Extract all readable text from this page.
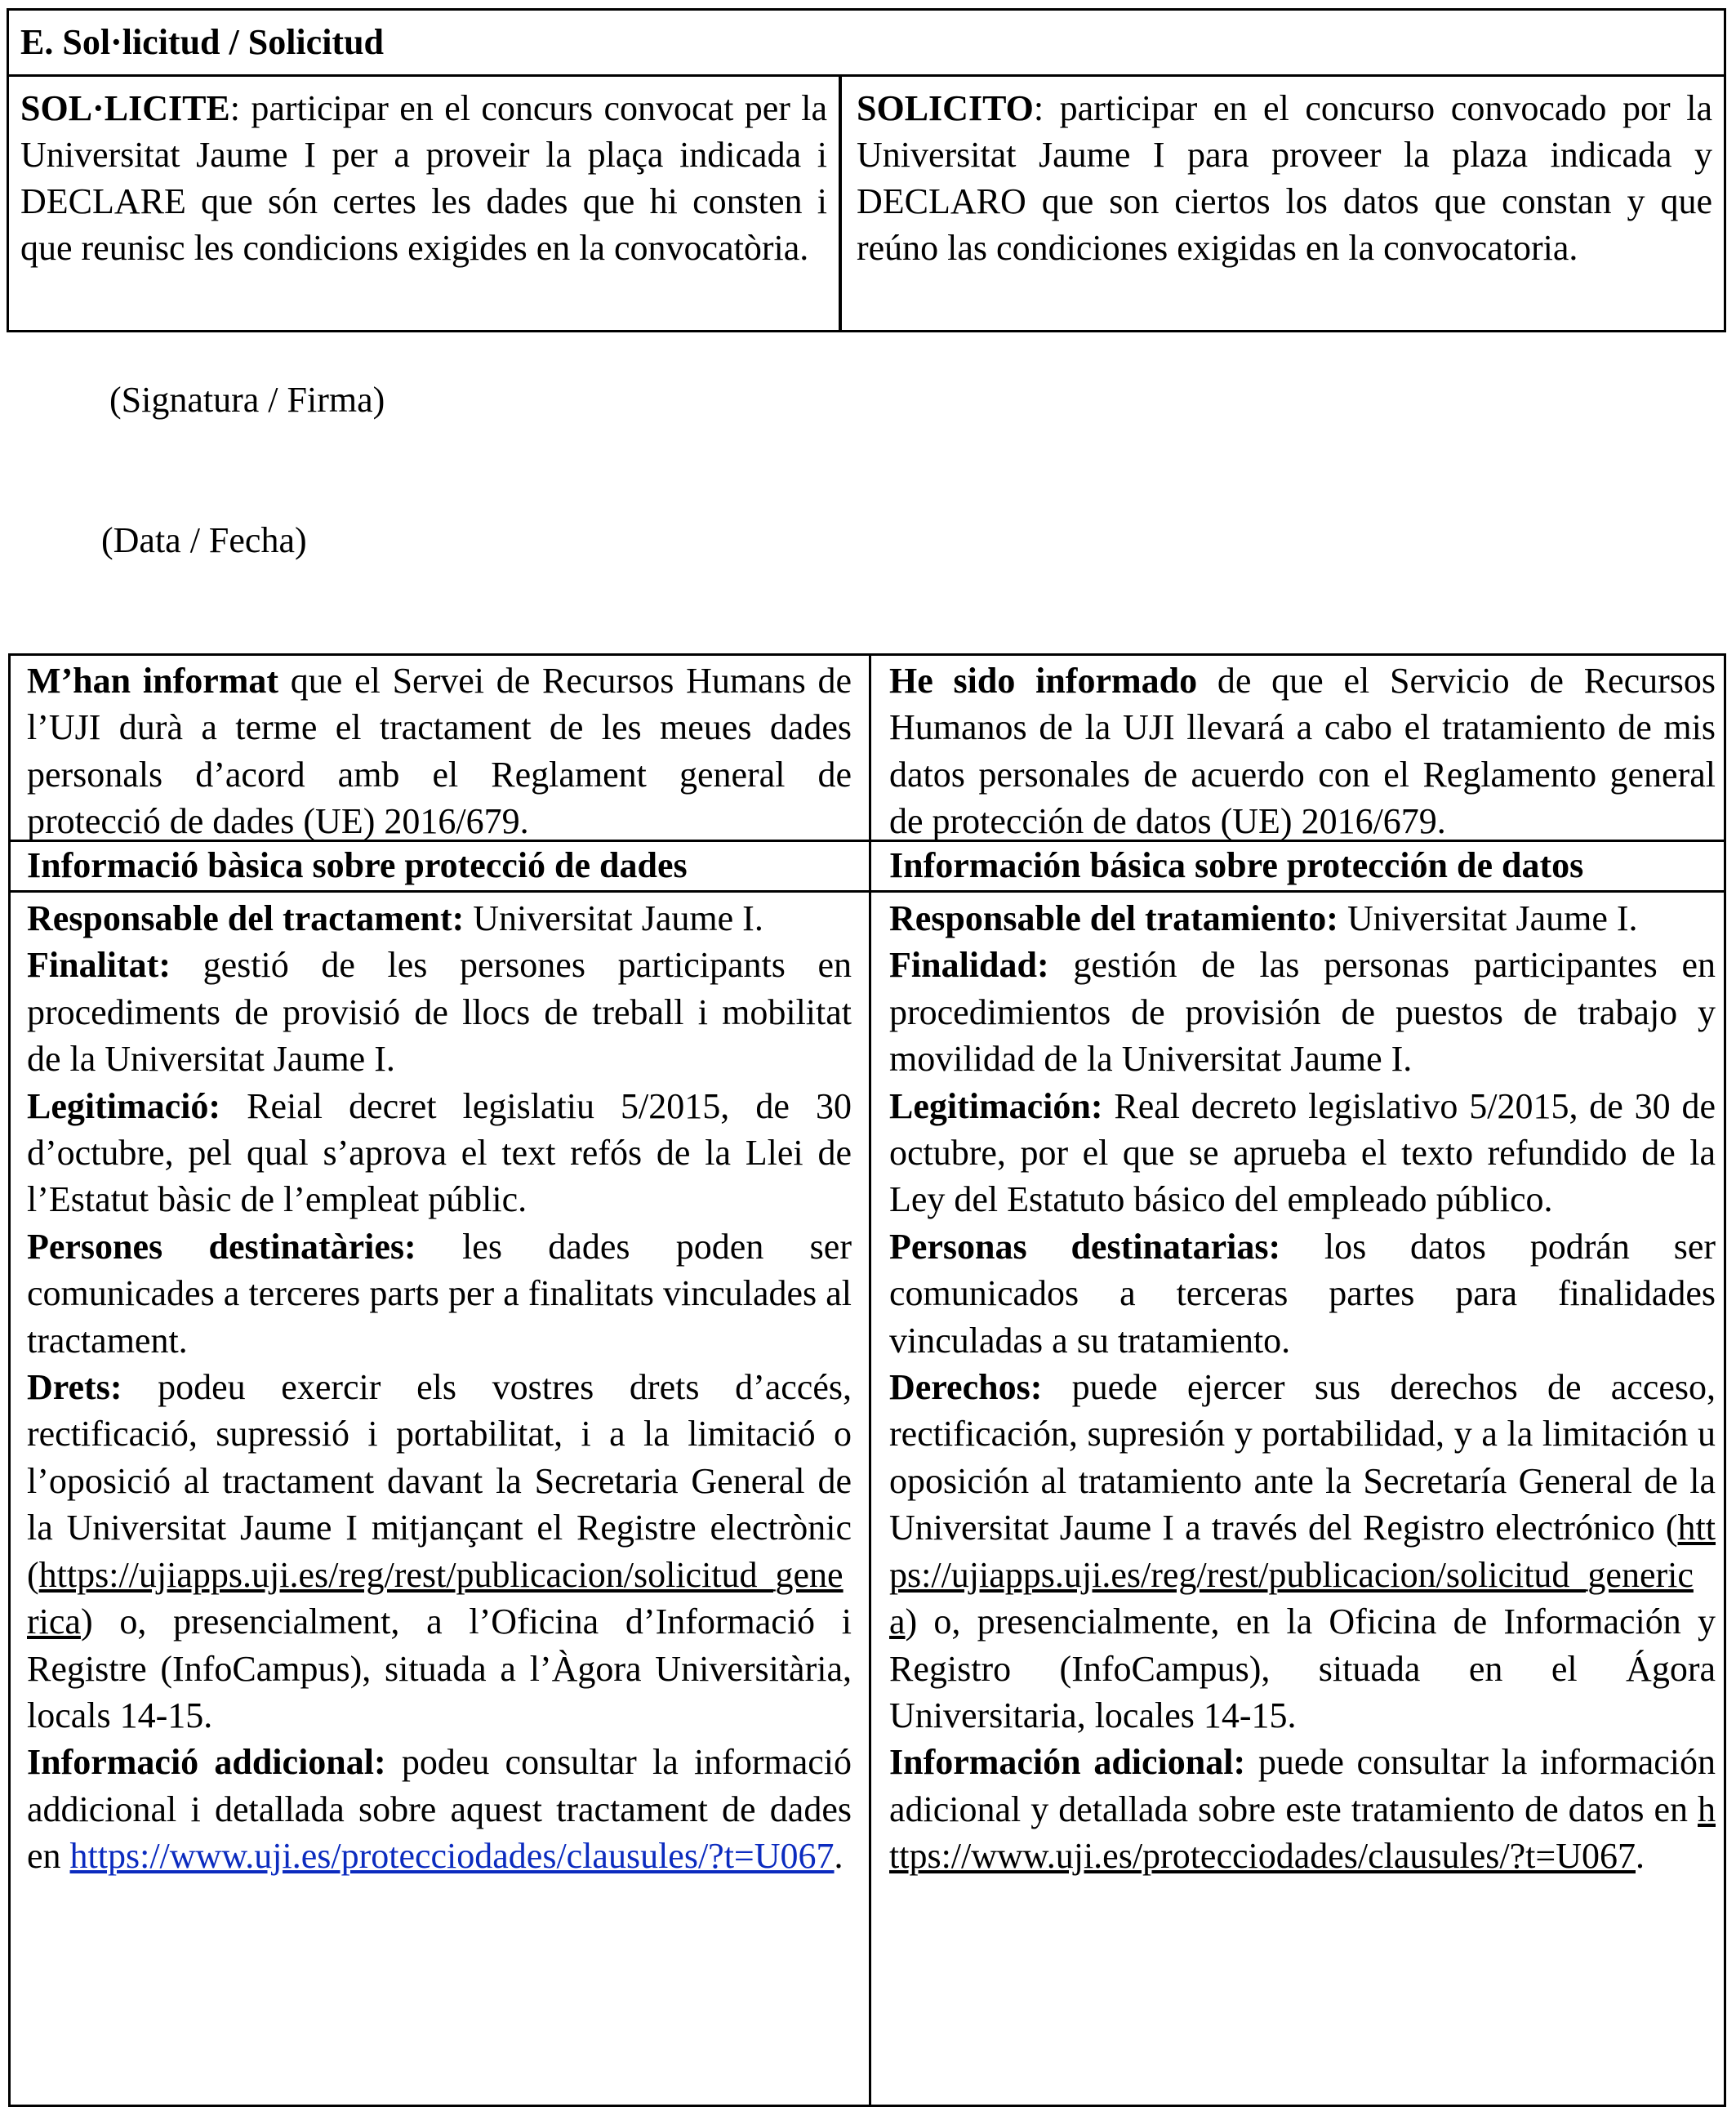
E. Sol·licitud / Solicitud
SOL·LICITE: participar en el concurs convocat per la Universitat Jaume I per a proveir la plaça indicada i DECLARE que són certes les dades que hi consten i que reunisc les condicions exigides en la convocatòria.
SOLICITO: participar en el concurso convocado por la Universitat Jaume I para proveer la plaza indicada y DECLARO que son ciertos los datos que constan y que reúno las condiciones exigidas en la convocatoria.
(Signatura / Firma)
(Data / Fecha)
M’han informat que el Servei de Recursos Humans de l’UJI durà a terme el tractament de les meues dades personals d’acord amb el Reglament general de protecció de dades (UE) 2016/679.
Informació bàsica sobre protecció de dades

Responsable del tractament: Universitat Jaume I.

Finalitat: gestió de les persones participants en procediments de provisió de llocs de treball i mobilitat de la Universitat Jaume I.

Legitimació: Reial decret legislatiu 5/2015, de 30 d’octubre, pel qual s’aprova el text refós de la Llei de l’Estatut bàsic de l’empleat públic.

Persones destinatàries: les dades poden ser comunicades a terceres parts per a finalitats vinculades al tractament.

Drets: podeu exercir els vostres drets d’accés, rectificació, supressió i portabilitat, i a la limitació o l’oposició al tractament davant la Secretaria General de la Universitat Jaume I mitjançant el Registre electrònic (https://ujiapps.uji.es/reg/rest/publicacion/solicitud_generica) o, presencialment, a l’Oficina d’Informació i Registre (InfoCampus), situada a l’Àgora Universitària, locals 14-15.

Informació addicional: podeu consultar la informació addicional i detallada sobre aquest tractament de dades en https://www.uji.es/protecciodades/clausules/?t=U067.

He sido informado de que el Servicio de Recursos Humanos de la UJI llevará a cabo el tratamiento de mis datos personales de acuerdo con el Reglamento general de protección de datos (UE) 2016/679.
Información básica sobre protección de datos

Responsable del tratamiento: Universitat Jaume I.

Finalidad: gestión de las personas participantes en procedimientos de provisión de puestos de trabajo y movilidad de la Universitat Jaume I.

Legitimación: Real decreto legislativo 5/2015, de 30 de octubre, por el que se aprueba el texto refundido de la Ley del Estatuto básico del empleado público.

Personas destinatarias: los datos podrán ser comunicados a terceras partes para finalidades vinculadas a su tratamiento.

Derechos: puede ejercer sus derechos de acceso, rectificación, supresión y portabilidad, y a la limitación u oposición al tratamiento ante la Secretaría General de la Universitat Jaume I a través del Registro electrónico (https://ujiapps.uji.es/reg/rest/publicacion/solicitud_generica) o, presencialmente, en la Oficina de Información y Registro (InfoCampus), situada en el Ágora Universitaria, locales 14-15.

Información adicional: puede consultar la información adicional y detallada sobre este tratamiento de datos en https://www.uji.es/protecciodades/clausules/?t=U067.
